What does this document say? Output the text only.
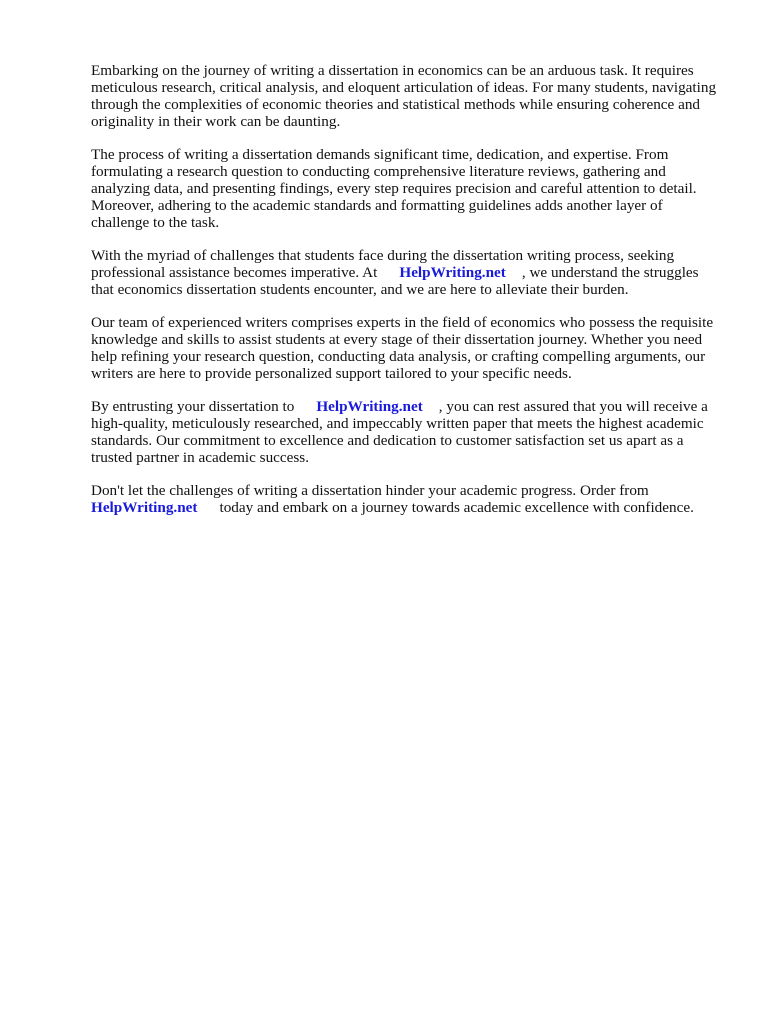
Embarking on the journey of writing a dissertation in economics can be an arduous task. It requires meticulous research, critical analysis, and eloquent articulation of ideas. For many students, navigating through the complexities of economic theories and statistical methods while ensuring coherence and originality in their work can be daunting.

The process of writing a dissertation demands significant time, dedication, and expertise. From formulating a research question to conducting comprehensive literature reviews, gathering and analyzing data, and presenting findings, every step requires precision and careful attention to detail. Moreover, adhering to the academic standards and formatting guidelines adds another layer of challenge to the task.

With the myriad of challenges that students face during the dissertation writing process, seeking professional assistance becomes imperative. At HelpWriting.net , we understand the struggles that economics dissertation students encounter, and we are here to alleviate their burden.

Our team of experienced writers comprises experts in the field of economics who possess the requisite knowledge and skills to assist students at every stage of their dissertation journey. Whether you need help refining your research question, conducting data analysis, or crafting compelling arguments, our writers are here to provide personalized support tailored to your specific needs.

By entrusting your dissertation to HelpWriting.net , you can rest assured that you will receive a high-quality, meticulously researched, and impeccably written paper that meets the highest academic standards. Our commitment to excellence and dedication to customer satisfaction set us apart as a trusted partner in academic success.

Don't let the challenges of writing a dissertation hinder your academic progress. Order from HelpWriting.net today and embark on a journey towards academic excellence with confidence.
